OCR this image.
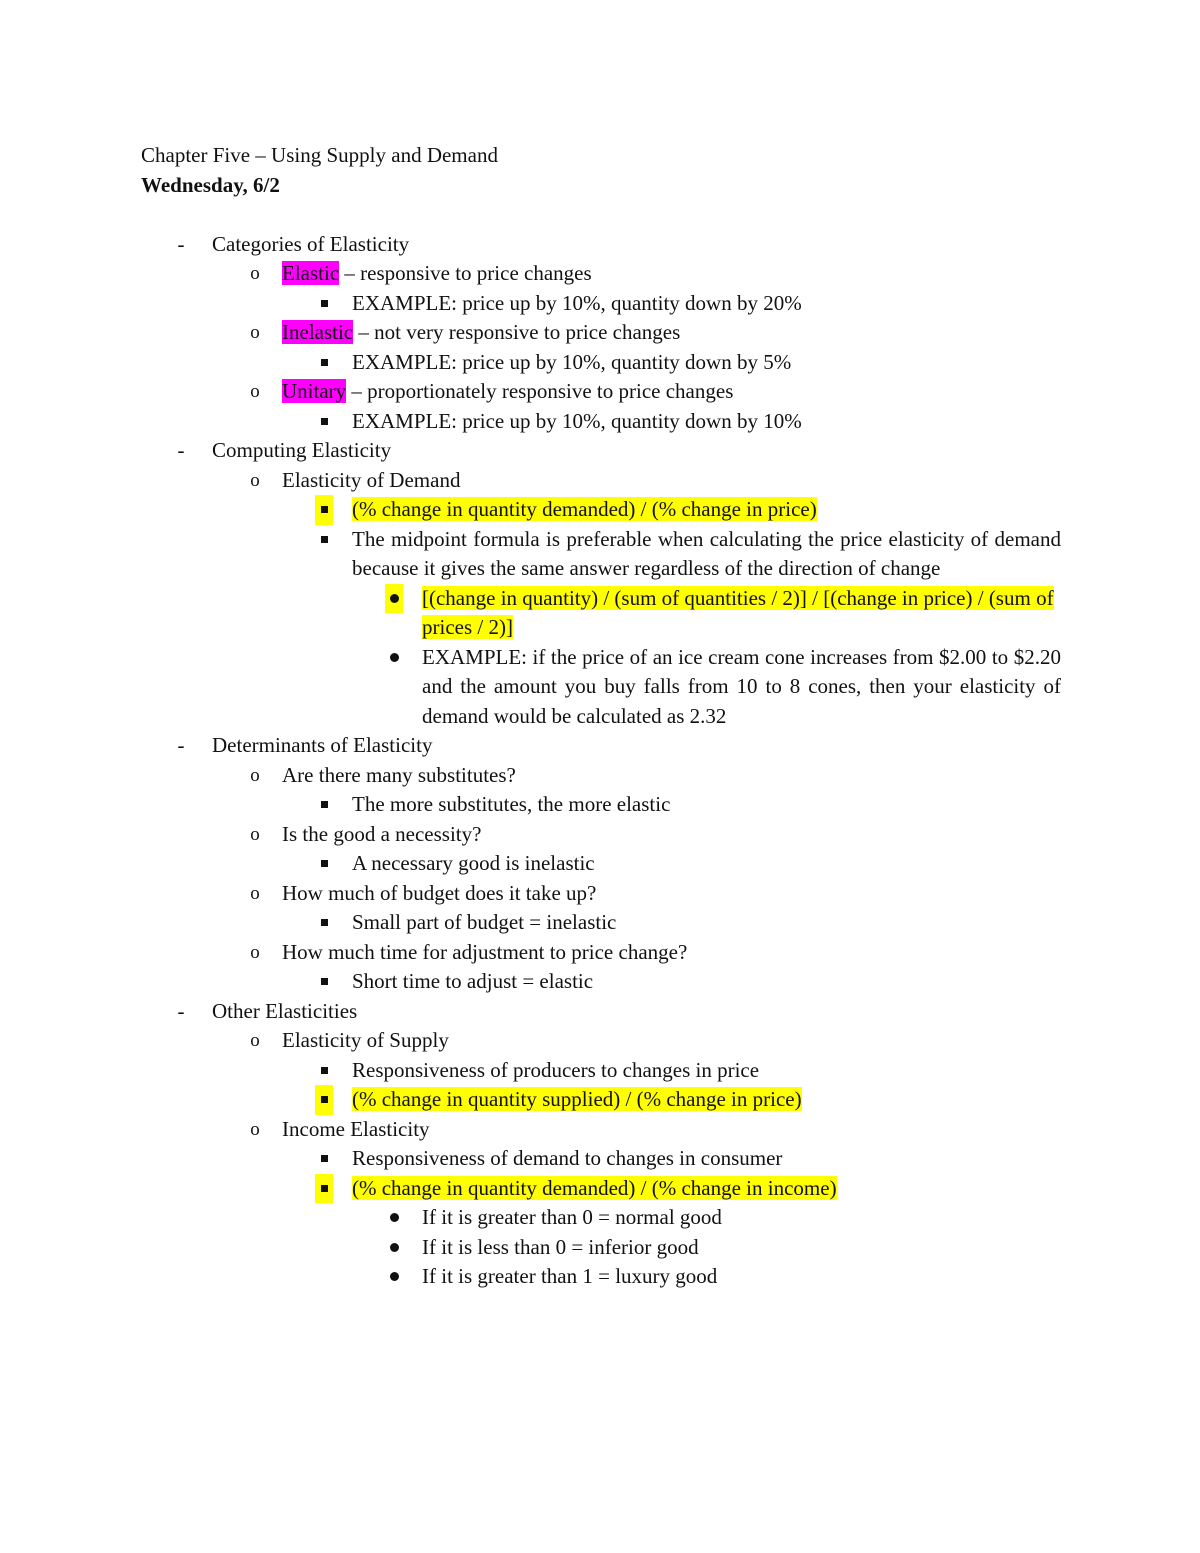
Chapter Five – Using Supply and Demand
Wednesday, 6/2
- Categories of Elasticity
o Elastic – responsive to price changes
EXAMPLE: price up by 10%, quantity down by 20%
o Inelastic – not very responsive to price changes
EXAMPLE: price up by 10%, quantity down by 5%
o Unitary – proportionately responsive to price changes
EXAMPLE: price up by 10%, quantity down by 10%
- Computing Elasticity
o Elasticity of Demand
(% change in quantity demanded) / (% change in price)
The midpoint formula is preferable when calculating the price elasticity of demand because it gives the same answer regardless of the direction of change
[(change in quantity) / (sum of quantities / 2)] / [(change in price) / (sum of prices / 2)]
EXAMPLE: if the price of an ice cream cone increases from $2.00 to $2.20 and the amount you buy falls from 10 to 8 cones, then your elasticity of demand would be calculated as 2.32
- Determinants of Elasticity
o Are there many substitutes?
The more substitutes, the more elastic
o Is the good a necessity?
A necessary good is inelastic
o How much of budget does it take up?
Small part of budget = inelastic
o How much time for adjustment to price change?
Short time to adjust = elastic
- Other Elasticities
o Elasticity of Supply
Responsiveness of producers to changes in price
(% change in quantity supplied) / (% change in price)
o Income Elasticity
Responsiveness of demand to changes in consumer
(% change in quantity demanded) / (% change in income)
If it is greater than 0 = normal good
If it is less than 0 = inferior good
If it is greater than 1 = luxury good
